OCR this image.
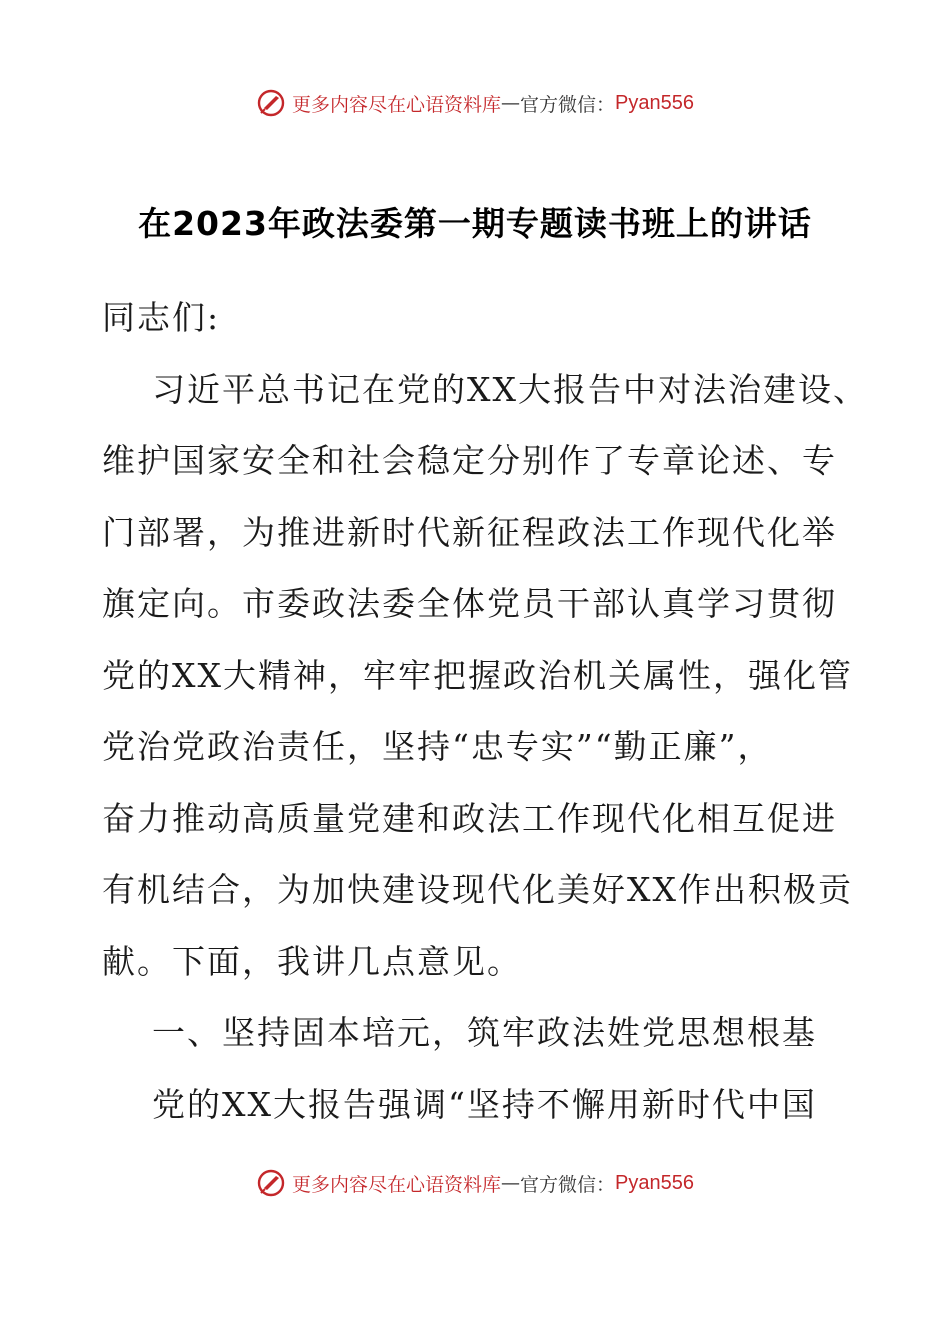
更多内容尽在心语资料库 — 官方微信： Pyan556
在2023年政法委第一期专题读书班上的讲话
同志们:
习近平总书记在党的XX大报告中对法治建设、
维护国家安全和社会稳定分别作了专章论述、专
门部署，为推进新时代新征程政法工作现代化举
旗定向。市委政法委全体党员干部认真学习贯彻
党的XX大精神，牢牢把握政治机关属性，强化管
党治党政治责任，坚持“忠专实”“勤正廉”，
奋力推动高质量党建和政法工作现代化相互促进
有机结合，为加快建设现代化美好XX作出积极贡
献。下面，我讲几点意见。
一、坚持固本培元，筑牢政法姓党思想根基
党的XX大报告强调“坚持不懈用新时代中国
更多内容尽在心语资料库 — 官方微信： Pyan556
